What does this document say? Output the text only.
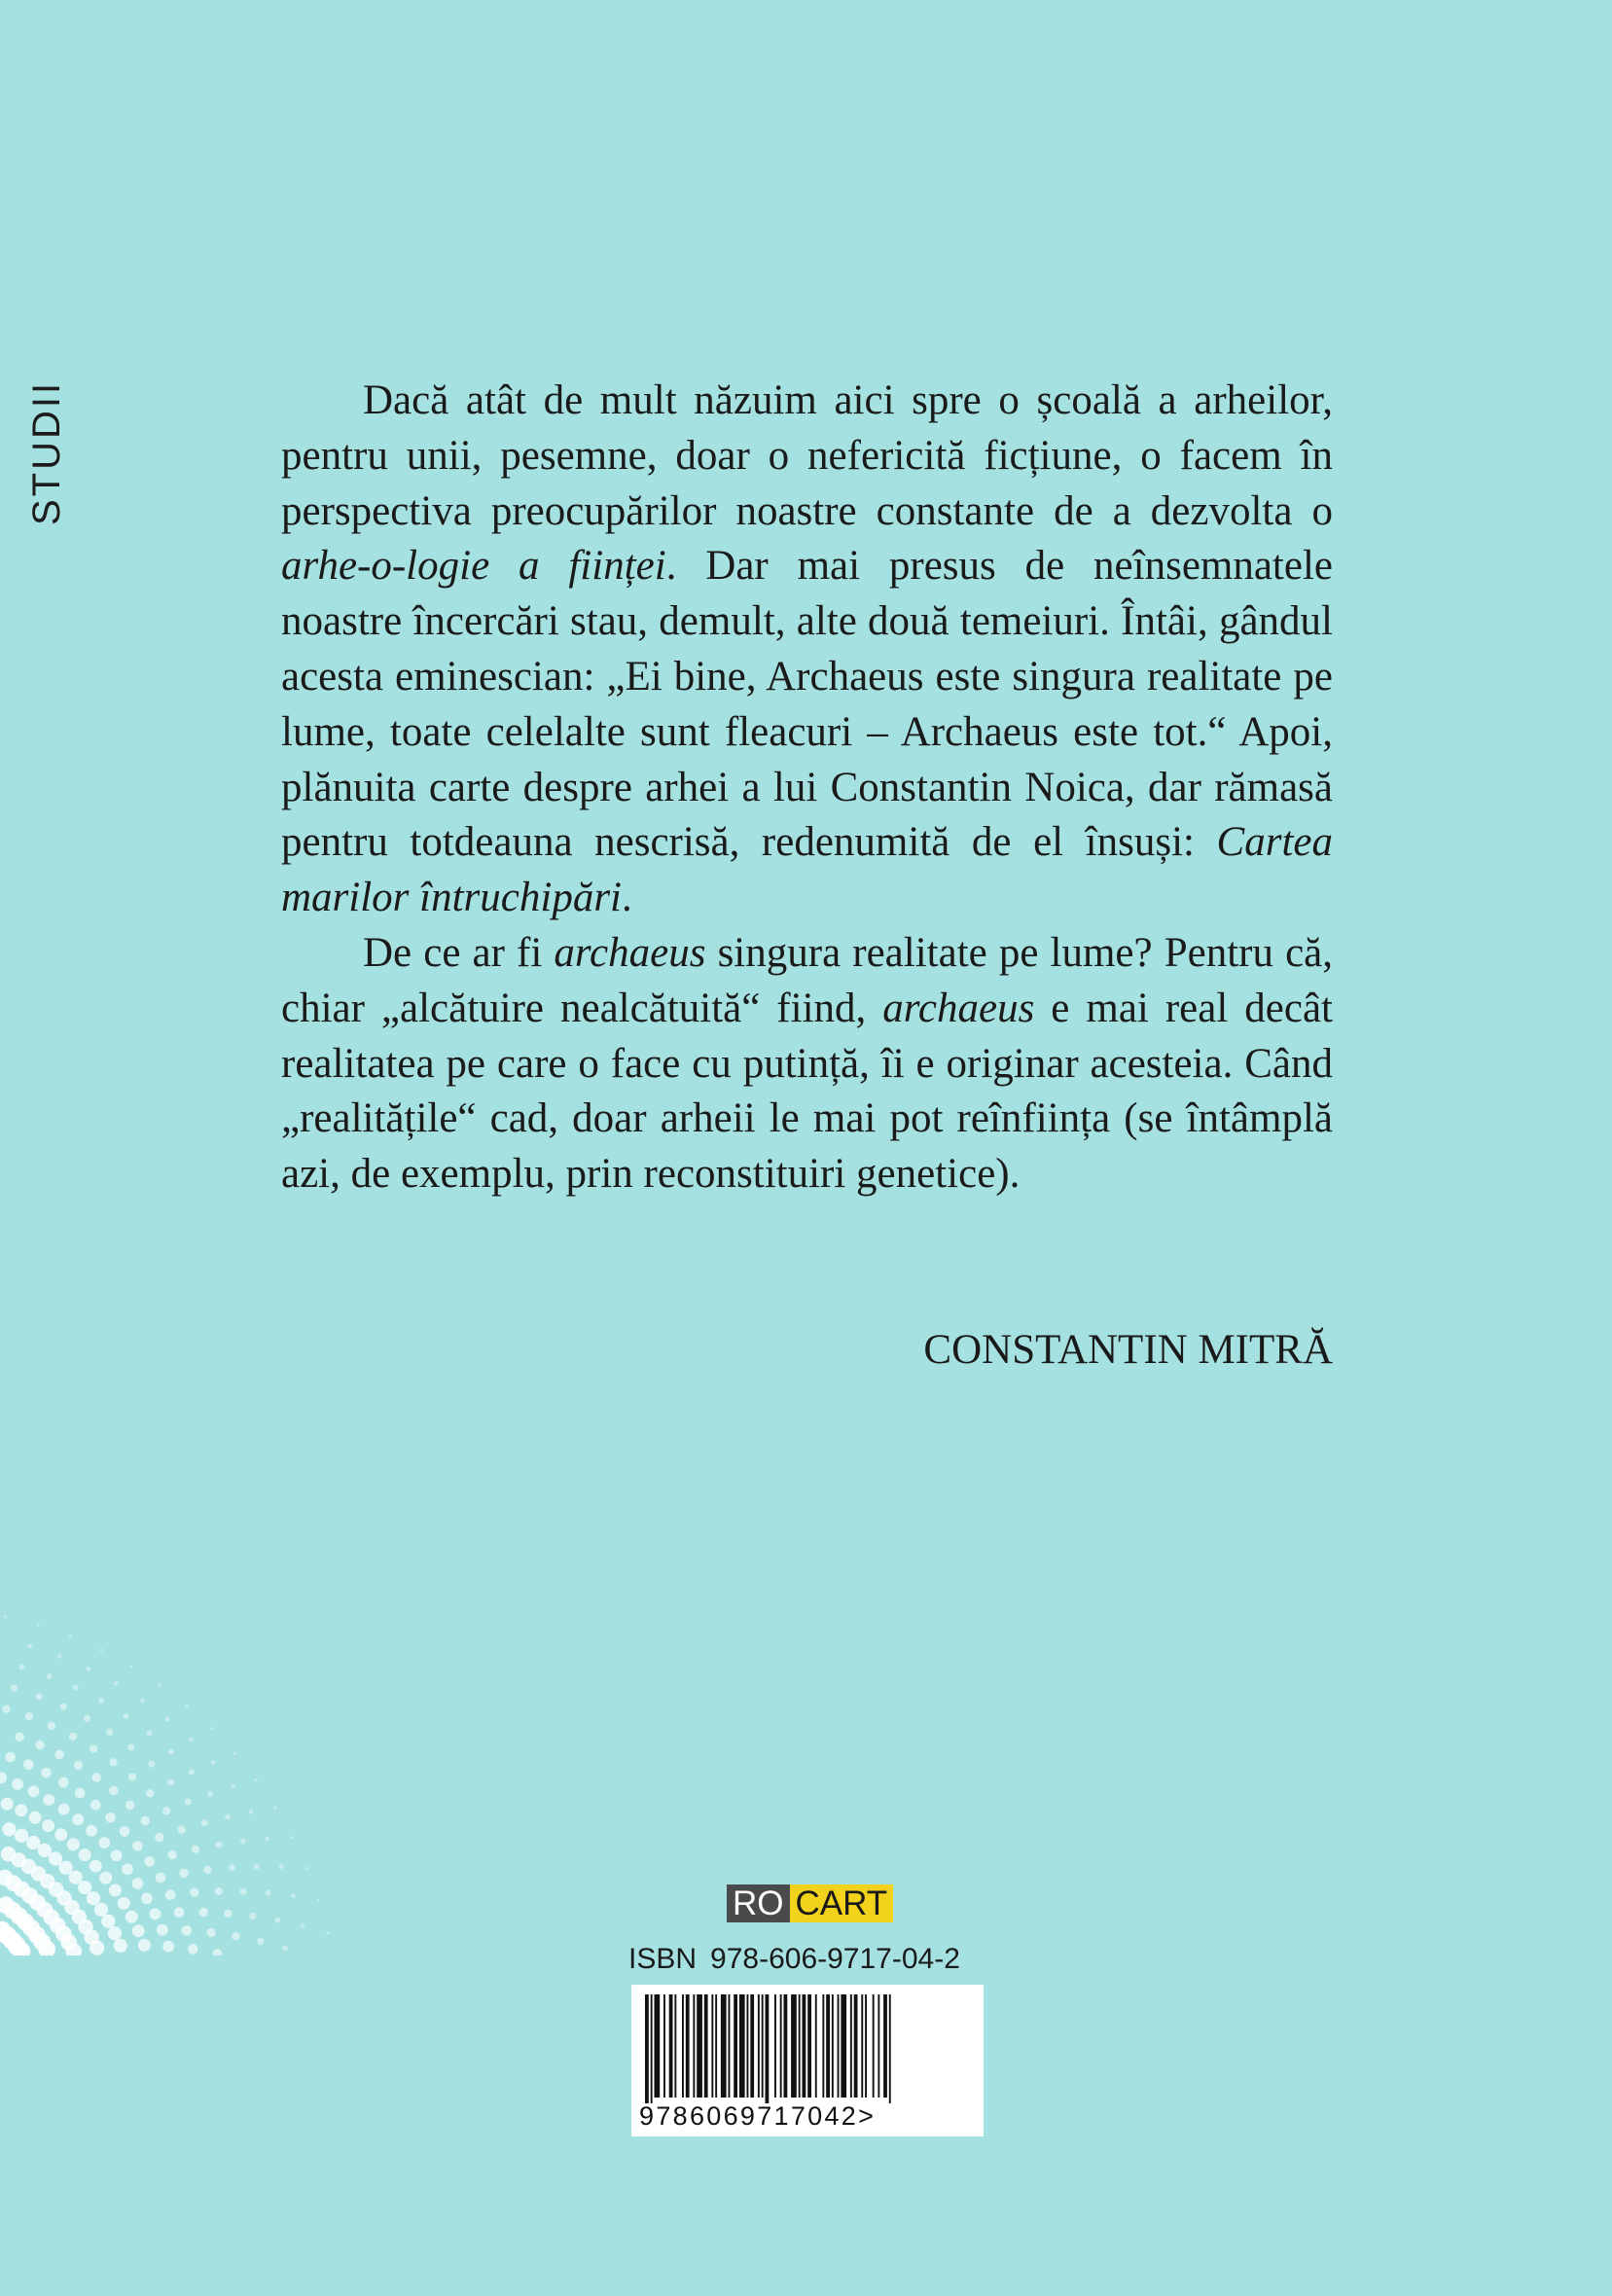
STUDII	Dacă atât de mult năzuim aici spre o școală a arheilor, pentru unii, pesemne, doar o nefericită ficțiune, o facem în perspectiva preocupărilor noastre constante de a dezvolta o arhe-o-logie a ființei. Dar mai presus de neînsemnatele noastre încercări stau, demult, alte două temeiuri. Întâi, gândul acesta eminescian: „Ei bine, Archaeus este singura realitate pe lume, toate celelalte sunt fleacuri – Archaeus este tot.“ Apoi, plănuita carte despre arhei a lui Constantin Noica, dar rămasă pentru totdeauna nescrisă, redenumită de el însuși: Cartea marilor întruchipări.

De ce ar fi archaeus singura realitate pe lume? Pentru că, chiar „alcătuire nealcătuită“ fiind, archaeus e mai real decât realitatea pe care o face cu putință, îi e originar acesteia. Când „realitățile“ cad, doar arheii le mai pot reînființa (se întâmplă azi, de exemplu, prin reconstituiri genetice).

CONSTANTIN MITRĂ
RO CART
ISBN 978-606-9717-04-2
9786069717042>
